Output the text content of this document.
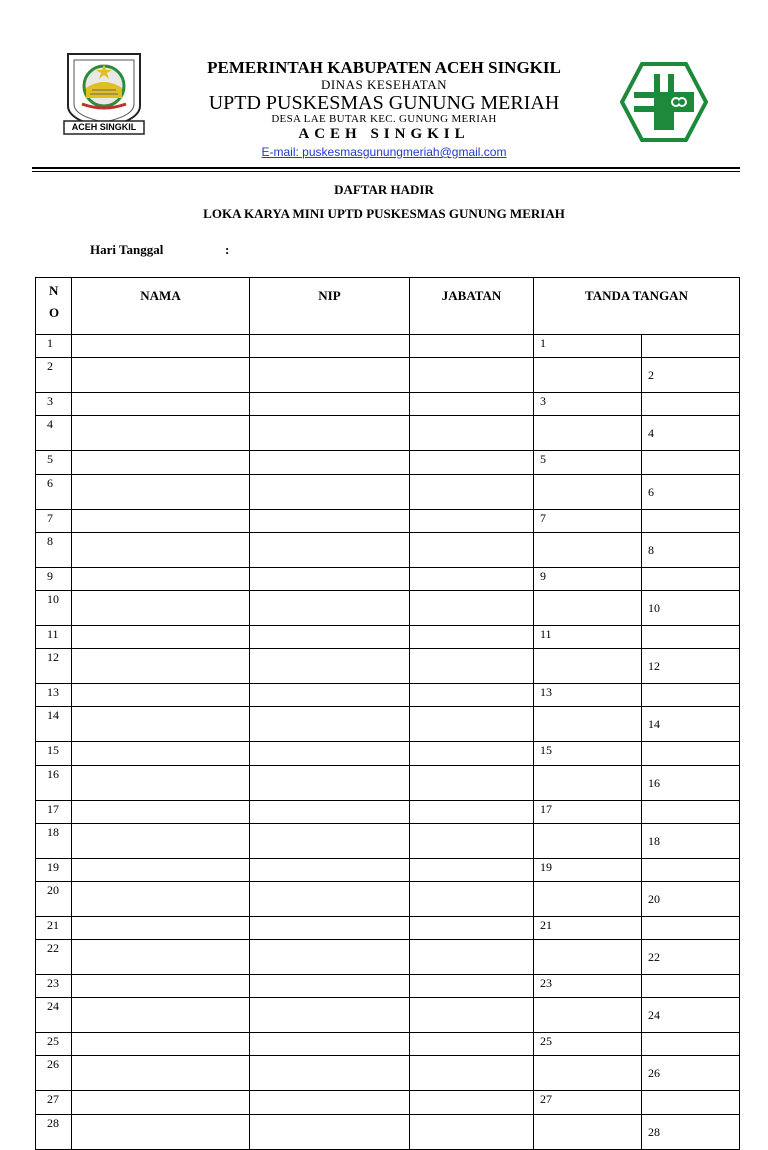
ACEH SINGKIL
PEMERINTAH KABUPATEN ACEH SINGKIL
DINAS KESEHATAN
UPTD PUSKESMAS GUNUNG MERIAH
DESA LAE BUTAR KEC. GUNUNG MERIAH
ACEH SINGKIL
E-mail: puskesmasgunungmeriah@gmail.com
DAFTAR HADIR
LOKA KARYA MINI UPTD PUSKESMAS GUNUNG MERIAH
Hari Tanggal	:
N O	NAMA	NIP	JABATAN	TANDA TANGAN	
1				1	
2					2
3				3	
4					4
5				5	
6					6
7				7	
8					8
9				9	
10					10
11				11	
12					12
13				13	
14					14
15				15	
16					16
17				17	
18					18
19				19	
20					20
21				21	
22					22
23				23	
24					24
25				25	
26					26
27				27	
28					28
